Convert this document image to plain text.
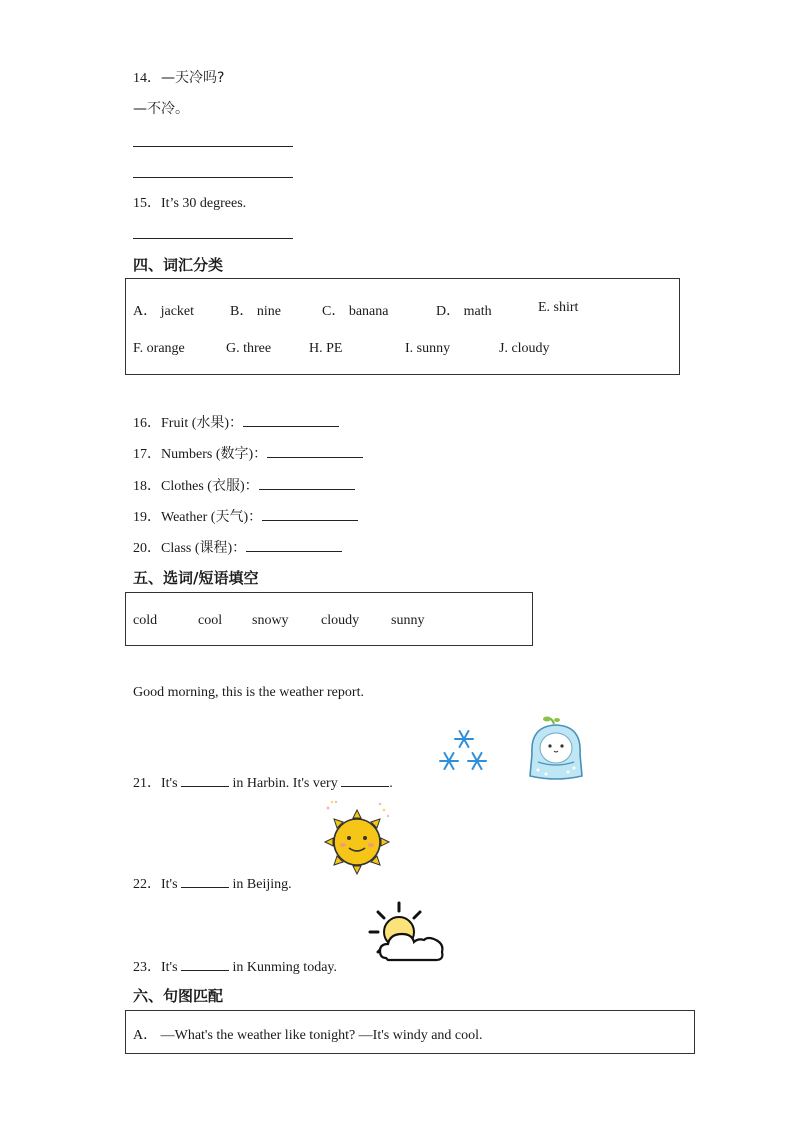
14．—天冷吗?
—不冷。
15．It’s 30 degrees.
四、词汇分类
A． jacket	B． nine	C． banana	D． math	E. shirt
F. orange	G. three	H. PE	I. sunny	J. cloudy
16．Fruit (水果)：
17．Numbers (数字)：
18．Clothes (衣服)：
19．Weather (天气)：
20．Class (课程)：
五、选词/短语填空
cold	cool snowy cloudy sunny
Good morning, this is the weather report.
21．It's	in Harbin. It's very	.
22．It's	in Beijing.
23．It's	in Kunming today.
六、句图匹配
A． —What's the weather like tonight? —It's windy and cool.
